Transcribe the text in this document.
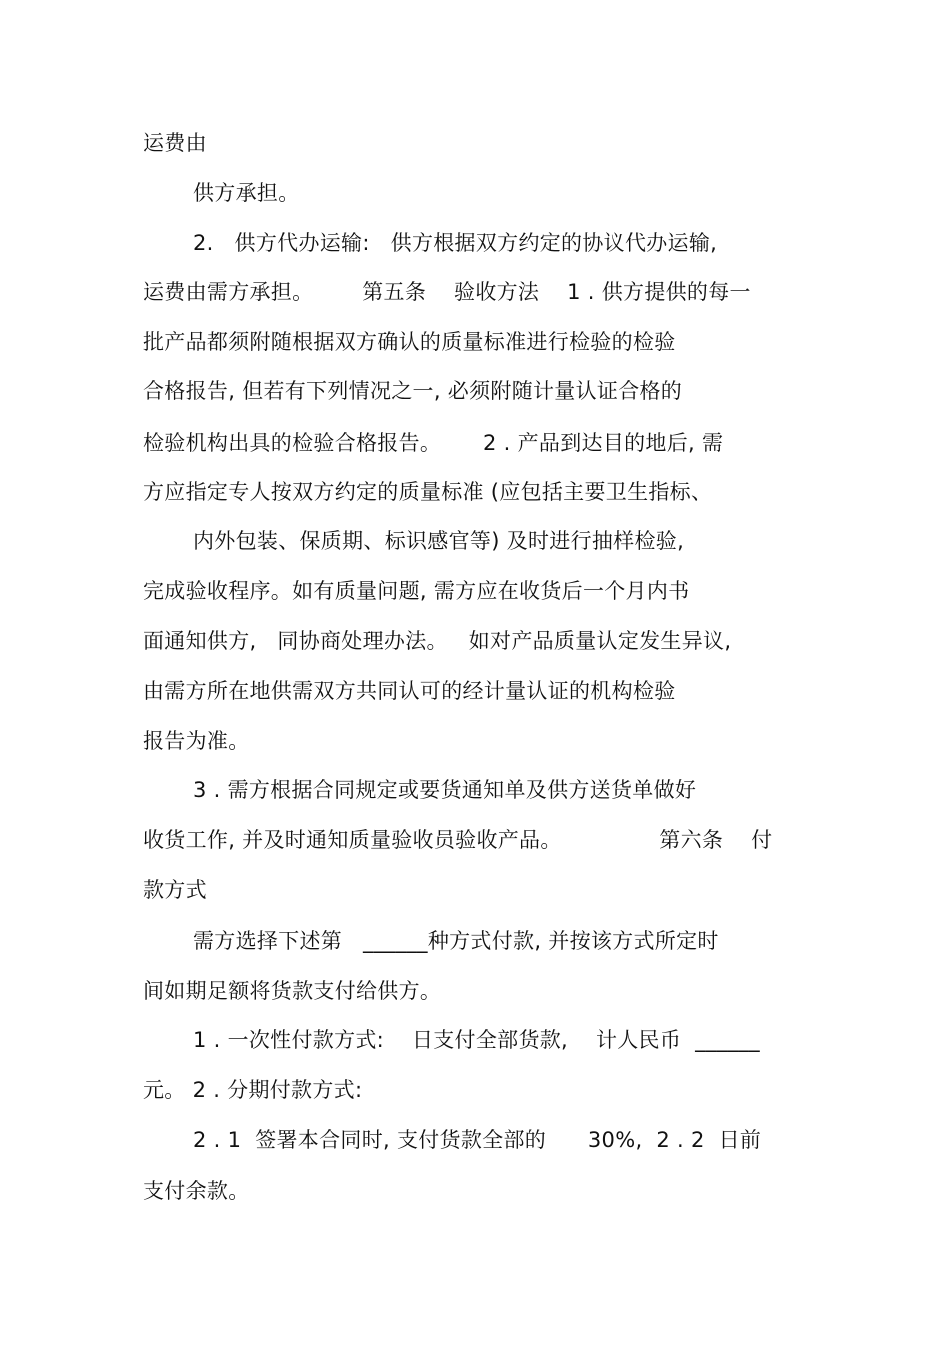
运费由
供方承担。
2.   供方代办运输:   供方根据双方约定的协议代办运输,
运费由需方承担。       第五条    验收方法    1 . 供方提供的每一
批产品都须附随根据双方确认的质量标准进行检验的检验
合格报告, 但若有下列情况之一, 必须附随计量认证合格的
检验机构出具的检验合格报告。      2 . 产品到达目的地后, 需
方应指定专人按双方约定的质量标准 (应包括主要卫生指标、
内外包装、保质期、标识感官等) 及时进行抽样检验,
完成验收程序。如有质量问题, 需方应在收货后一个月内书
面通知供方,   同协商处理办法。   如对产品质量认定发生异议,
由需方所在地供需双方共同认可的经计量认证的机构检验
报告为准。
3 . 需方根据合同规定或要货通知单及供方送货单做好
收货工作, 并及时通知质量验收员验收产品。              第六条    付
款方式
需方选择下述第   ______种方式付款, 并按该方式所定时
间如期足额将货款支付给供方。
1 . 一次性付款方式:    日支付全部货款,    计人民币  ______
元。 2 . 分期付款方式:
2 . 1  签署本合同时, 支付货款全部的      30%,  2 . 2  日前
支付余款。
